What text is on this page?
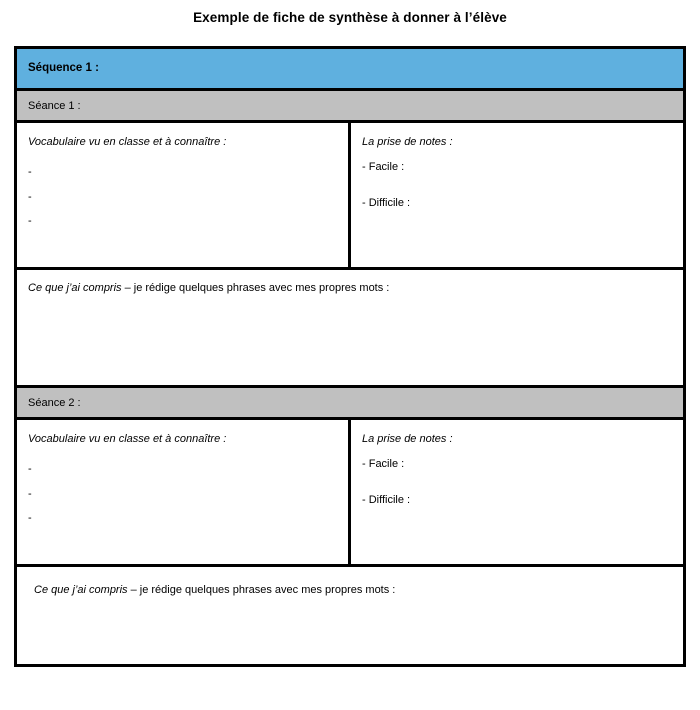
Exemple de fiche de synthèse à donner à l’élève
Séquence 1 :
Séance 1 :
Vocabulaire vu en classe et à connaître :
-
-
-
La prise de notes :
- Facile :
- Difficile :
Ce que j’ai compris – je rédige quelques phrases avec mes propres mots :
Séance 2 :
Vocabulaire vu en classe et à connaître :
-
-
-
La prise de notes :
- Facile :
- Difficile :
Ce que j’ai compris – je rédige quelques phrases avec mes propres mots :
